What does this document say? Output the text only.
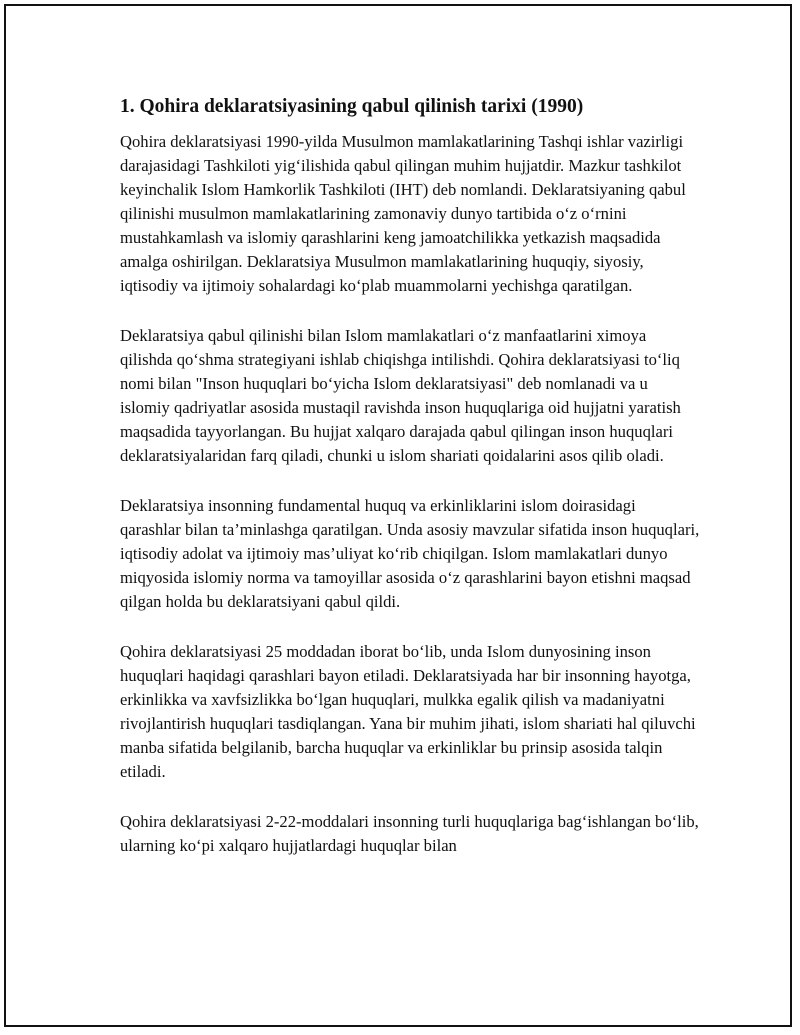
1. Qohira deklaratsiyasining qabul qilinish tarixi (1990)

Qohira deklaratsiyasi 1990-yilda Musulmon mamlakatlarining Tashqi ishlar vazirligi darajasidagi Tashkiloti yig‘ilishida qabul qilingan muhim hujjatdir. Mazkur tashkilot keyinchalik Islom Hamkorlik Tashkiloti (IHT) deb nomlandi. Deklaratsiyaning qabul qilinishi musulmon mamlakatlarining zamonaviy dunyo tartibida o‘z o‘rnini mustahkamlash va islomiy qarashlarini keng jamoatchilikka yetkazish maqsadida amalga oshirilgan. Deklaratsiya Musulmon mamlakatlarining huquqiy, siyosiy, iqtisodiy va ijtimoiy sohalardagi ko‘plab muammolarni yechishga qaratilgan.

Deklaratsiya qabul qilinishi bilan Islom mamlakatlari o‘z manfaatlarini ximoya qilishda qo‘shma strategiyani ishlab chiqishga intilishdi. Qohira deklaratsiyasi to‘liq nomi bilan "Inson huquqlari bo‘yicha Islom deklaratsiyasi" deb nomlanadi va u islomiy qadriyatlar asosida mustaqil ravishda inson huquqlariga oid hujjatni yaratish maqsadida tayyorlangan. Bu hujjat xalqaro darajada qabul qilingan inson huquqlari deklaratsiyalaridan farq qiladi, chunki u islom shariati qoidalarini asos qilib oladi.

Deklaratsiya insonning fundamental huquq va erkinliklarini islom doirasidagi qarashlar bilan ta’minlashga qaratilgan. Unda asosiy mavzular sifatida inson huquqlari, iqtisodiy adolat va ijtimoiy mas’uliyat ko‘rib chiqilgan. Islom mamlakatlari dunyo miqyosida islomiy norma va tamoyillar asosida o‘z qarashlarini bayon etishni maqsad qilgan holda bu deklaratsiyani qabul qildi.

Qohira deklaratsiyasi 25 moddadan iborat bo‘lib, unda Islom dunyosining inson huquqlari haqidagi qarashlari bayon etiladi. Deklaratsiyada har bir insonning hayotga, erkinlikka va xavfsizlikka bo‘lgan huquqlari, mulkka egalik qilish va madaniyatni rivojlantirish huquqlari tasdiqlangan. Yana bir muhim jihati, islom shariati hal qiluvchi manba sifatida belgilanib, barcha huquqlar va erkinliklar bu prinsip asosida talqin etiladi.

Qohira deklaratsiyasi 2-22-moddalari insonning turli huquqlariga bag‘ishlangan bo‘lib, ularning ko‘pi xalqaro hujjatlardagi huquqlar bilan
